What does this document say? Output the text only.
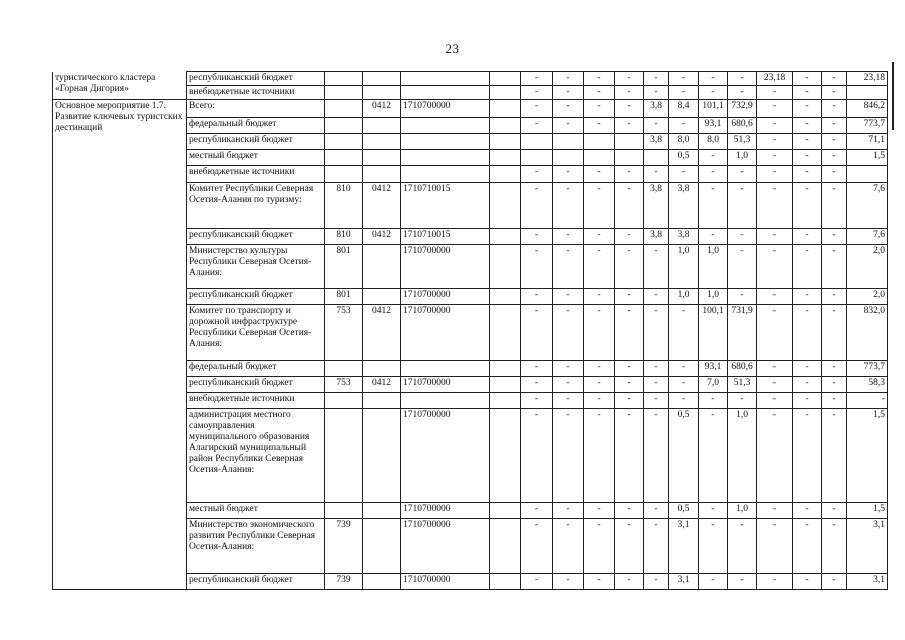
23
туристического кластера «Горная Дигория»	республиканский бюджет					-	-	-	-	-	-	-	-	23,18	-	-	23,18
	внебюджетные источники					-	-	-	-	-	-	-	-	-	-	-	
Основное мероприятие 1.7. Развитие ключевых туристских дестинаций	Всего:		0412	1710700000		-	-	-	-	3,8	8,4	101,1	732,9	-	-	-	846,2
	федеральный бюджет					-	-	-	-	-	-	93,1	680,6	-	-	-	773,7
	республиканский бюджет									3,8	8,0	8,0	51,3	-	-	-	71,1
	местный бюджет										0,5	-	1,0	-	-	-	1,5
	внебюджетные источники					-	-	-	-	-	-	-	-	-	-	-	
	Комитет Республики Северная Осетия-Алания по туризму:	810	0412	1710710015		-	-	-	-	3,8	3,8	-	-	-	-	-	7,6
	республиканский бюджет	810	0412	1710710015		-	-	-	-	3,8	3,8	-	-	-	-	-	7,6
	Министерство культуры Республики Северная Осетия-Алания:	801		1710700000		-	-	-	-	-	1,0	1,0	-	-	-	-	2,0
	республиканский бюджет	801		1710700000		-	-	-	-	-	1,0	1,0	-	-	-	-	2,0
	Комитет по транспорту и дорожной инфраструктуре Республики Северная Осетия-Алания:	753	0412	1710700000		-	-	-	-	-	-	100,1	731,9	-	-	-	832,0
	федеральный бюджет					-	-	-	-	-	-	93,1	680,6	-	-	-	773,7
	республиканский бюджет	753	0412	1710700000		-	-	-	-	-	-	7,0	51,3	-	-	-	58,3
	внебюджетные источники					-	-	-	-	-	-	-	-	-	-	-	-
	администрация местного самоуправления муниципального образования Алагирский муниципальный район Республики Северная Осетия-Алания:			1710700000		-	-	-	-	-	0,5	-	1,0	-	-	-	1,5
	местный бюджет			1710700000		-	-	-	-	-	0,5	-	1,0	-	-	-	1,5
	Министерство экономического развития Республики Северная Осетия-Алания:	739		1710700000		-	-	-	-	-	3,1	-	-	-	-	-	3,1
	республиканский бюджет	739		1710700000		-	-	-	-	-	3,1	-	-	-	-	-	3,1
